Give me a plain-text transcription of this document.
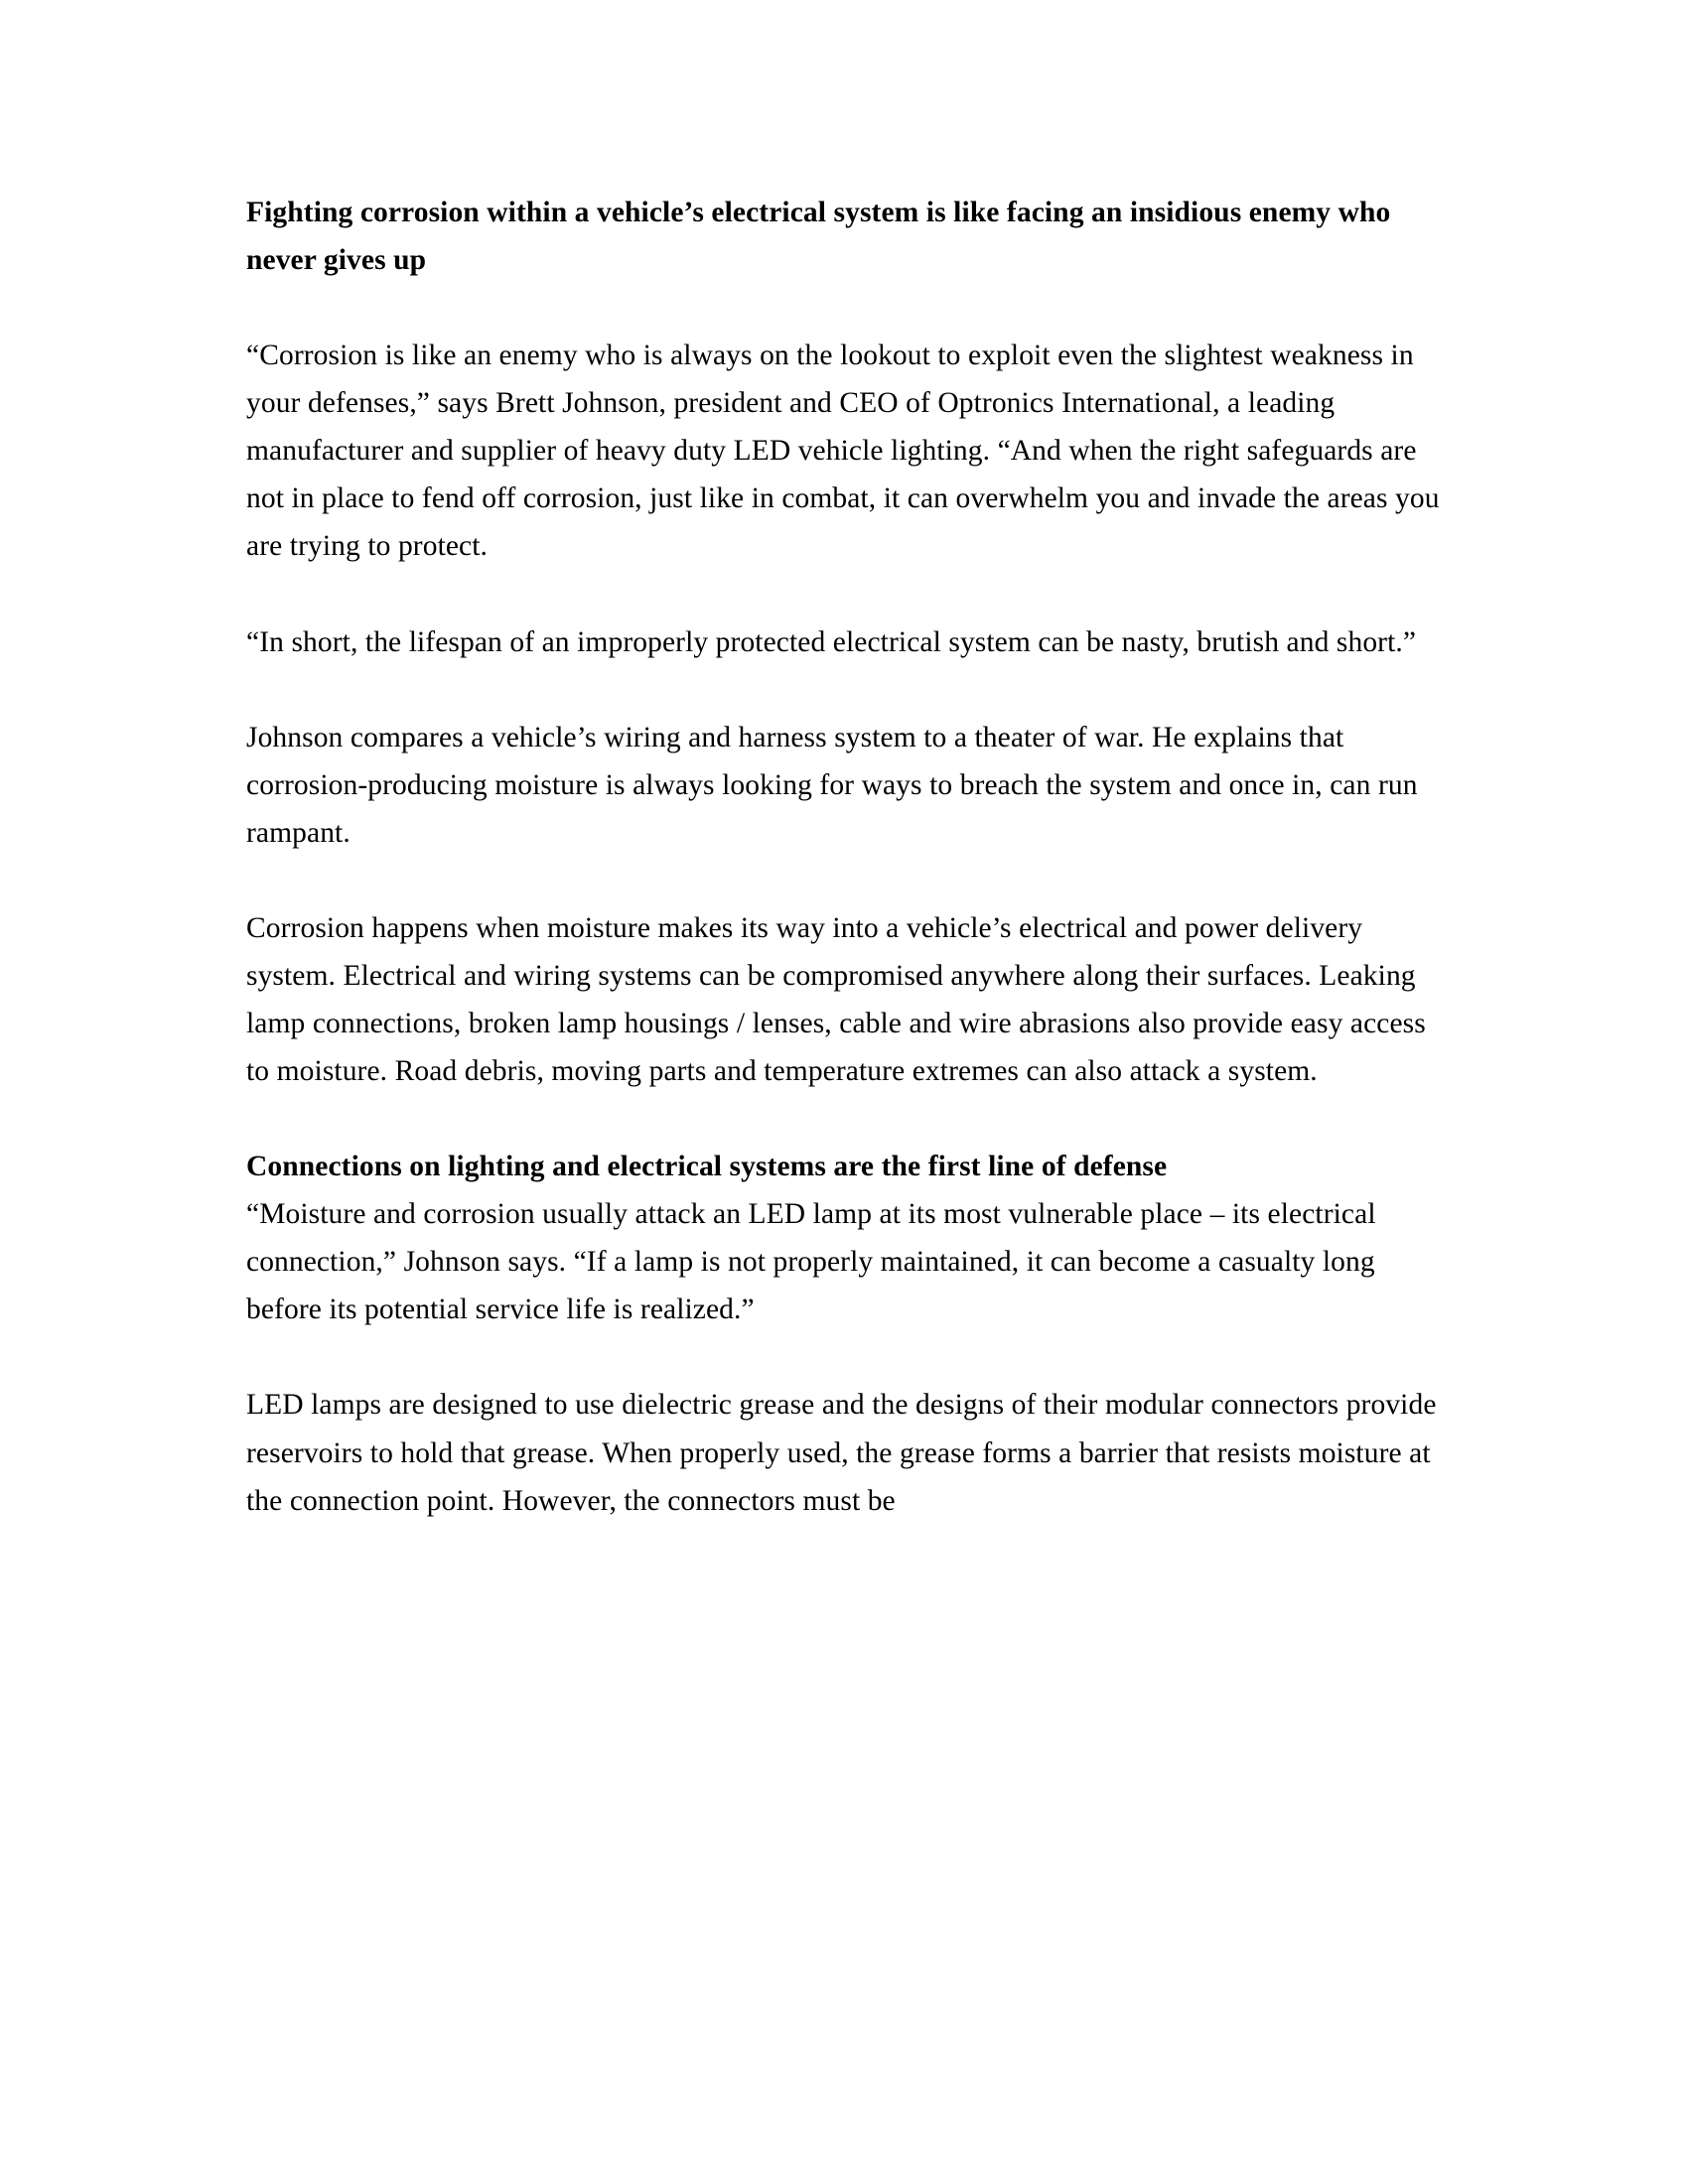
Fighting corrosion within a vehicle’s electrical system is like facing an insidious enemy who never gives up

“Corrosion is like an enemy who is always on the lookout to exploit even the slightest weakness in your defenses,” says Brett Johnson, president and CEO of Optronics International, a leading manufacturer and supplier of heavy duty LED vehicle lighting. “And when the right safeguards are not in place to fend off corrosion, just like in combat, it can overwhelm you and invade the areas you are trying to protect.

“In short, the lifespan of an improperly protected electrical system can be nasty, brutish and short.”

Johnson compares a vehicle’s wiring and harness system to a theater of war. He explains that corrosion-producing moisture is always looking for ways to breach the system and once in, can run rampant.

Corrosion happens when moisture makes its way into a vehicle’s electrical and power delivery system. Electrical and wiring systems can be compromised anywhere along their surfaces. Leaking lamp connections, broken lamp housings / lenses, cable and wire abrasions also provide easy access to moisture. Road debris, moving parts and temperature extremes can also attack a system.

Connections on lighting and electrical systems are the first line of defense

“Moisture and corrosion usually attack an LED lamp at its most vulnerable place – its electrical connection,” Johnson says. “If a lamp is not properly maintained, it can become a casualty long before its potential service life is realized.”

LED lamps are designed to use dielectric grease and the designs of their modular connectors provide reservoirs to hold that grease. When properly used, the grease forms a barrier that resists moisture at the connection point. However, the connectors must be
